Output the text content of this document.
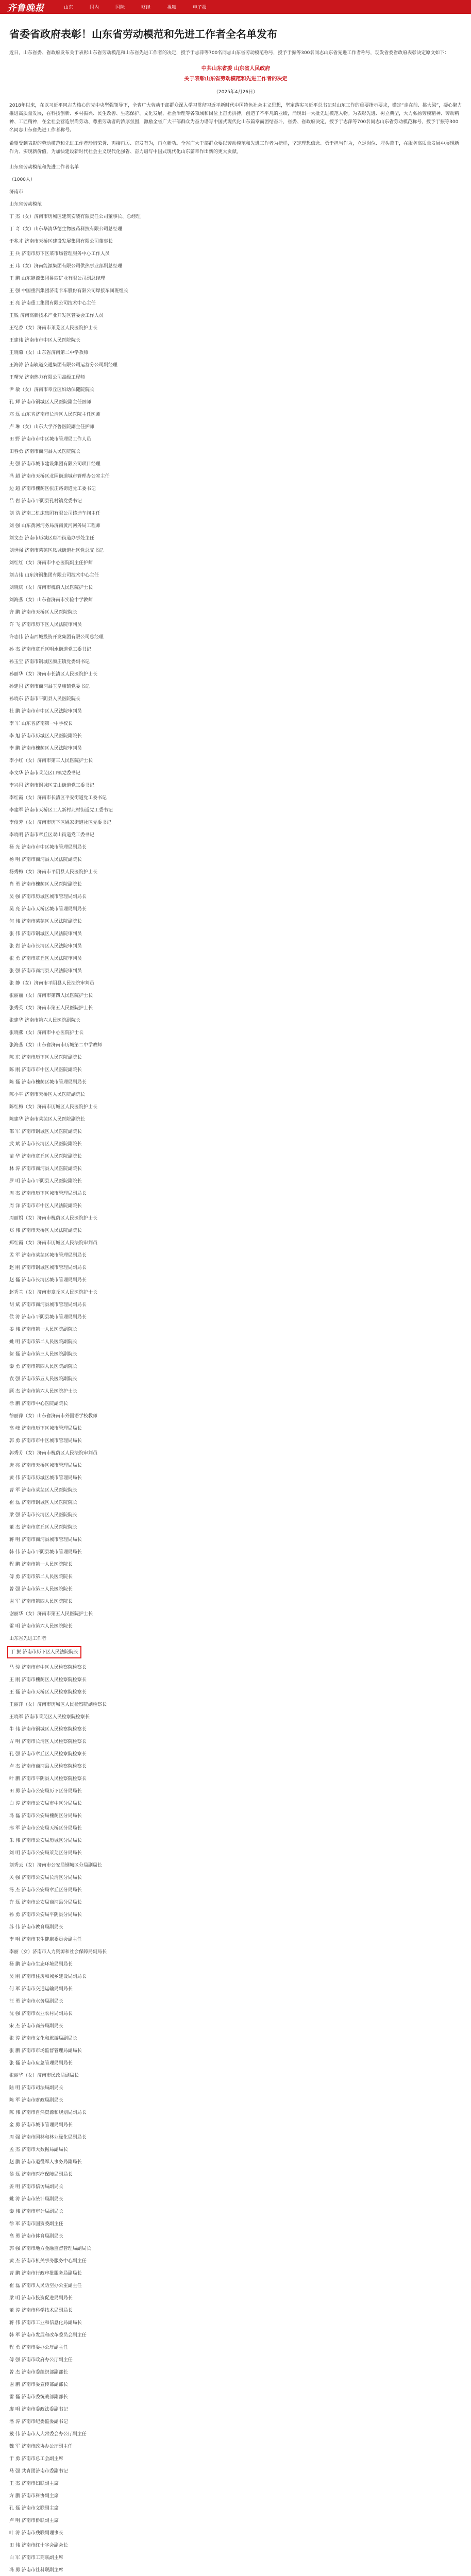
齐鲁晚报	山东	国内	国际	财经	视频	电子报
省委省政府表彰！山东省劳动模范和先进工作者全名单发布

近日，山东省委、省政府发布关于表彰山东省劳动模范和山东省先进工作者的决定，授予于志萍等700名同志山东省劳动模范称号，授予于振等300名同志山东省先进工作者称号，现发省委省政府表彰决定原文如下：

中共山东省委 山东省人民政府
关于表彰山东省劳动模范和先进工作者的决定
（2025年4月26日）

2018年以来，在以习近平同志为核心的党中央坚强领导下，全省广大劳动干部群众深入学习贯彻习近平新时代中国特色社会主义思想，坚定落实习近平总书记对山东工作的重要指示要求，锚定“走在前、挑大梁”，凝心聚力推进高质量发展，在科技创新、乡村振兴、民生改善、生态保护、文化发展、社会治理等各领域和岗位上奋勇拼搏，创造了不平凡的业绩，涌现出一大批先进模范人物。为表彰先进、树立典型，大力弘扬劳模精神、劳动精神、工匠精神，在全社会营造崇尚劳动、尊重劳动者的浓厚氛围，激励全省广大干部群众为奋力谱写中国式现代化山东篇章而团结奋斗，省委、省政府决定，授予于志萍等700名同志山东省劳动模范称号，授予于振等300名同志山东省先进工作者称号。

希望受到表彰的劳动模范和先进工作者珍惜荣誉、再接再厉、奋发有为，再立新功。全省广大干部群众要以劳动模范和先进工作者为榜样，坚定理想信念、勇于担当作为，立足岗位、埋头苦干，在服务高质量发展中展现新作为、实现新价值，为加快建设新时代社会主义现代化强省、奋力谱写中国式现代化山东篇章作出新的更大贡献。

山东省劳动模范和先进工作者名单
（1000人）
济南市
山东省劳动模范
丁 杰（女）济南市历城区建筑安装有限责任公司董事长、总经理
丁 奇（女）山东华清华德生物医药科技有限公司总经理
于兆才 济南市天桥区建设发展集团有限公司董事长
王 兵 济南市历下区菜市场管理服务中心工作人员
王 玮（女）济南能源集团有限公司供热事业部副总经理
王 鹏 山东能源集团鲁西矿业有限公司副总经理
王 强 中国重汽集团济南卡车股份有限公司焊接车间班组长
王 亮 济南重工集团有限公司技术中心主任
王钱 济南高新技术产业开发区管委会工作人员
王纪香（女）济南市莱芜区人民医院护士长
王建伟 济南市市中区人民医院院长
王晓菊（女）山东省济南第二中学教师
王海涛 济南轨道交通集团有限公司运营分公司副经理
王曙光 济南热力有限公司高级工程师
尹 敏（女）济南市章丘区妇幼保健院院长
孔 辉 济南市钢城区人民医院副主任医师
邓 磊 山东省济南市长清区人民医院主任医师
卢 琳（女）山东大学齐鲁医院副主任护师
田 野 济南市市中区城市管理局工作人员
田春勇 济南市商河县人民医院院长
史 强 济南市城市建设集团有限公司项目经理
冯 超 济南市天桥区北园街道城市管理办公室主任
边 超 济南市槐荫区张庄路街道党工委书记
吕 岩 济南市平阴县孔村镇党委书记
刘 浩 济南二机床集团有限公司铸造车间主任
刘 强 山东黄河河务局济南黄河河务局工程师
刘文杰 济南市历城区唐冶街道办事处主任
刘世强 济南市莱芜区凤城街道社区党总支书记
刘红红（女）济南市中心医院副主任护师
刘吉伟 山东济钢集团有限公司技术中心主任
刘晓庆（女）济南市槐荫人民医院护士长
刘海燕（女）山东省济南市实验中学教师
齐 鹏 济南市天桥区人民医院院长
许 飞 济南市历下区人民法院审判员
许志伟 济南西城投资开发集团有限公司总经理
孙 杰 济南市章丘区明水街道党工委书记
孙玉宝 济南市钢城区颜庄镇党委副书记
孙丽华（女）济南市长清区人民医院护士长
孙建国 济南市商河县玉皇庙镇党委书记
孙晓东 济南市平阴县人民医院院长
杜 鹏 济南市市中区人民法院审判员
李 军 山东省济南第一中学校长
李 旭 济南市历城区人民医院副院长
李 鹏 济南市槐荫区人民法院审判员
李小红（女）济南市第三人民医院护士长
李文华 济南市莱芜区口镇党委书记
李兴国 济南市钢城区艾山街道党工委书记
李红霞（女）济南市长清区平安街道党工委书记
李建军 济南市天桥区工人新村北村街道党工委书记
李俊芳（女）济南市历下区姚家街道社区党委书记
李晓明 济南市章丘区双山街道党工委书记
杨 光 济南市市中区城市管理局副局长
杨 明 济南市商河县人民法院副院长
杨秀梅（女）济南市平阴县人民医院护士长
肖 勇 济南市槐荫区人民医院副院长
吴 强 济南市历城区城市管理局副局长
吴 亮 济南市天桥区城市管理局副局长
何 伟 济南市莱芜区人民法院副院长
张 伟 济南市钢城区人民法院审判员
张 岩 济南市长清区人民法院审判员
张 勇 济南市章丘区人民法院审判员
张 强 济南市商河县人民法院审判员
张 静（女）济南市平阴县人民法院审判员
张丽丽（女）济南市第四人民医院护士长
张秀英（女）济南市第五人民医院护士长
张建华 济南市第六人民医院副院长
张晓燕（女）济南市中心医院护士长
张海燕（女）山东省济南市历城第二中学教师
陈 东 济南市历下区人民医院副院长
陈 刚 济南市市中区人民医院副院长
陈 磊 济南市槐荫区城市管理局副局长
陈小平 济南市天桥区人民医院副院长
陈红梅（女）济南市历城区人民医院护士长
陈建华 济南市莱芜区人民医院副院长
邵 军 济南市钢城区人民医院副院长
武 斌 济南市长清区人民医院副院长
苗 华 济南市章丘区人民医院副院长
林 涛 济南市商河县人民医院副院长
罗 明 济南市平阴县人民医院副院长
周 杰 济南市历下区城市管理局副局长
周 洋 济南市市中区人民法院副院长
周丽娟（女）济南市槐荫区人民医院护士长
郑 伟 济南市天桥区人民法院副院长
郑红霞（女）济南市历城区人民法院审判员
孟 军 济南市莱芜区城市管理局副局长
赵 刚 济南市钢城区城市管理局副局长
赵 磊 济南市长清区城市管理局副局长
赵秀兰（女）济南市章丘区人民医院护士长
胡 斌 济南市商河县城市管理局副局长
侯 涛 济南市平阴县城市管理局副局长
姜 伟 济南市第一人民医院副院长
姚 明 济南市第二人民医院副院长
贺 磊 济南市第三人民医院副院长
秦 勇 济南市第四人民医院副院长
袁 强 济南市第五人民医院副院长
顾 杰 济南市第六人民医院护士长
徐 鹏 济南市中心医院副院长
徐丽萍（女）山东省济南市外国语学校教师
高 峰 济南市历下区城市管理局局长
郭 勇 济南市市中区城市管理局局长
郭秀芳（女）济南市槐荫区人民法院审判员
唐 亮 济南市天桥区城市管理局局长
黄 伟 济南市历城区城市管理局局长
曹 军 济南市莱芜区人民医院院长
崔 磊 济南市钢城区人民医院院长
梁 强 济南市长清区人民医院院长
董 杰 济南市章丘区人民医院院长
蒋 明 济南市商河县城市管理局局长
韩 伟 济南市平阴县城市管理局局长
程 鹏 济南市第一人民医院院长
傅 勇 济南市第二人民医院院长
曾 强 济南市第三人民医院院长
谢 军 济南市第四人民医院院长
谢丽华（女）济南市第五人民医院护士长
雷 明 济南市第六人民医院院长
山东省先进工作者
于 振 济南市历下区人民法院院长
马 骏 济南市市中区人民检察院检察长
王 刚 济南市槐荫区人民检察院检察长
王 磊 济南市天桥区人民检察院检察长
王丽萍（女）济南市历城区人民检察院副检察长
王晓军 济南市莱芜区人民检察院检察长
牛 伟 济南市钢城区人民检察院检察长
方 明 济南市长清区人民检察院检察长
孔 强 济南市章丘区人民检察院检察长
卢 杰 济南市商河县人民检察院检察长
叶 鹏 济南市平阴县人民检察院检察长
田 勇 济南市公安局历下区分局局长
白 涛 济南市公安局市中区分局局长
冯 磊 济南市公安局槐荫区分局局长
邢 军 济南市公安局天桥区分局局长
朱 伟 济南市公安局历城区分局局长
刘 明 济南市公安局莱芜区分局局长
刘秀云（女）济南市公安局钢城区分局副局长
关 强 济南市公安局长清区分局局长
汤 杰 济南市公安局章丘区分局局长
许 磊 济南市公安局商河县分局局长
孙 勇 济南市公安局平阴县分局局长
苏 伟 济南市教育局副局长
李 明 济南市卫生健康委员会副主任
李丽（女）济南市人力资源和社会保障局副局长
杨 鹏 济南市生态环境局副局长
吴 刚 济南市住房和城乡建设局副局长
何 军 济南市交通运输局副局长
汪 勇 济南市水务局副局长
沈 强 济南市农业农村局副局长
宋 杰 济南市商务局副局长
张 涛 济南市文化和旅游局副局长
张 鹏 济南市市场监督管理局副局长
张 磊 济南市应急管理局副局长
张丽华（女）济南市民政局副局长
陆 明 济南市司法局副局长
陈 军 济南市财政局副局长
陈 伟 济南市自然资源和规划局副局长
金 勇 济南市城市管理局副局长
周 强 济南市园林和林业绿化局副局长
孟 杰 济南市大数据局副局长
赵 鹏 济南市退役军人事务局副局长
侯 磊 济南市医疗保障局副局长
姜 明 济南市信访局副局长
姚 涛 济南市统计局副局长
秦 伟 济南市审计局副局长
徐 军 济南市国资委副主任
高 勇 济南市体育局副局长
郭 强 济南市地方金融监督管理局副局长
黄 杰 济南市机关事务服务中心副主任
曹 鹏 济南市行政审批服务局副局长
崔 磊 济南市人民防空办公室副主任
梁 明 济南市投资促进局副局长
董 涛 济南市科学技术局副局长
蒋 伟 济南市工业和信息化局副局长
韩 军 济南市发展和改革委员会副主任
程 勇 济南市委办公厅副主任
傅 强 济南市政府办公厅副主任
曾 杰 济南市委组织部副部长
谢 鹏 济南市委宣传部副部长
雷 磊 济南市委统战部副部长
廖 明 济南市委政法委副书记
潘 涛 济南市纪委监委副书记
戴 伟 济南市人大常委会办公厅副主任
魏 军 济南市政协办公厅副主任
于 勇 济南市总工会副主席
马 强 共青团济南市委副书记
王 杰 济南市妇联副主席
方 鹏 济南市科协副主席
孔 磊 济南市文联副主席
卢 明 济南市侨联副主席
叶 涛 济南市残联副理事长
田 伟 济南市红十字会副会长
白 军 济南市工商联副主席
冯 勇 济南市社科联副主席
